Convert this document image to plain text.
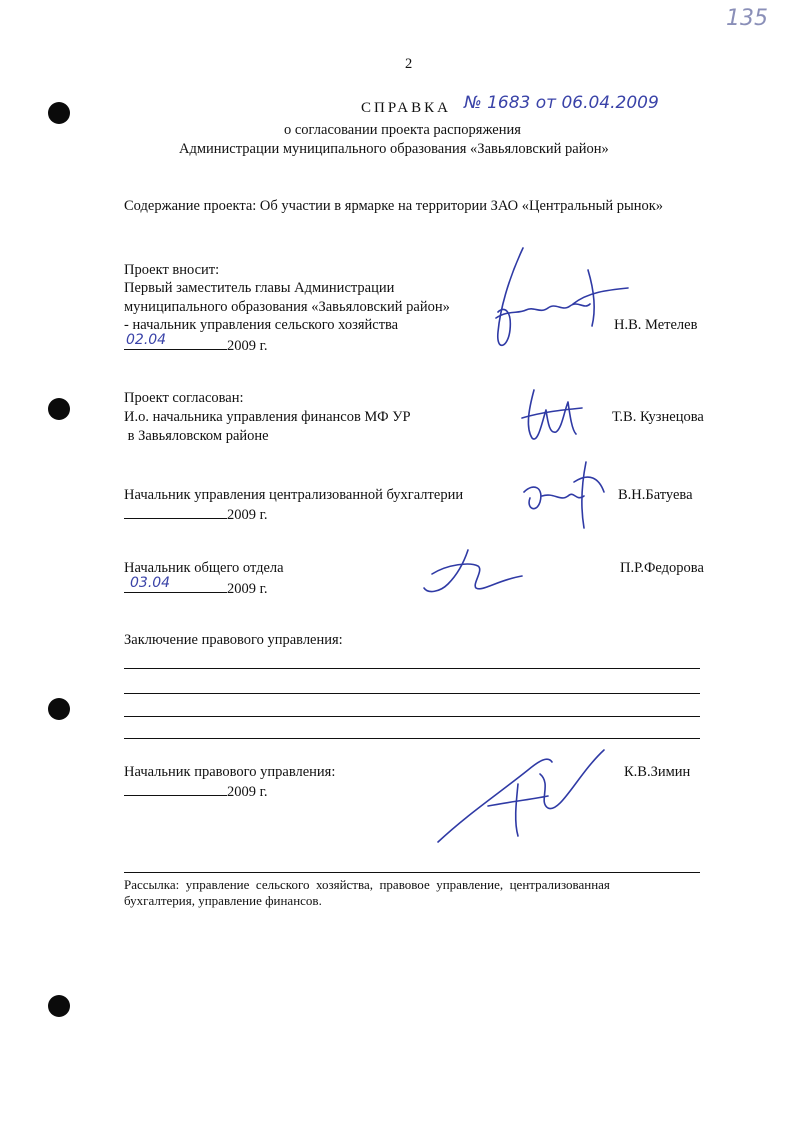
135
2
СПРАВКА № 1683 от 06.04.2009
о согласовании проекта распоряжения
Администрации муниципального образования «Завьяловский район»
Содержание проекта: Об участии в ярмарке на территории ЗАО «Центральный рынок»
Проект вносит:
Первый заместитель главы Администрации
муниципального образования «Завьяловский район»
- начальник управления сельского хозяйства
02.04	2009 г.
Н.В. Метелев
Проект согласован:
И.о. начальника управления финансов МФ УР
в Завьяловском районе
Т.В. Кузнецова
Начальник управления централизованной бухгалтерии
2009 г.
В.Н.Батуева
Начальник общего отдела
03.04	2009 г.
П.Р.Федорова
Заключение правового управления:
Начальник правового управления:
2009 г.
К.В.Зимин
Рассылка:  управление  сельского  хозяйства,  правовое  управление,  централизованная
бухгалтерия, управление финансов.
